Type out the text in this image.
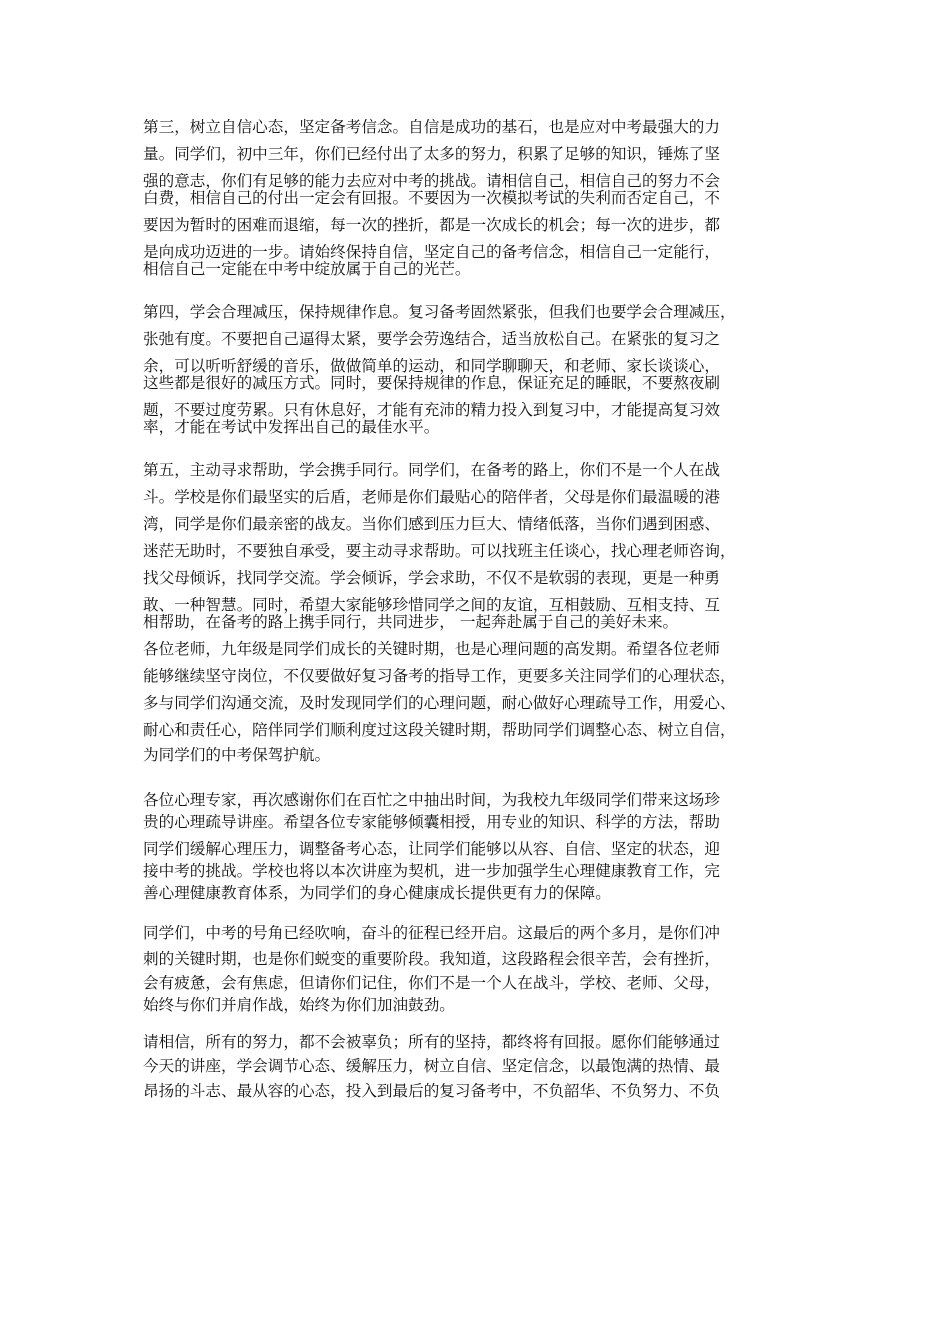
第三，树立自信心态，坚定备考信念。自信是成功的基石，也是应对中考最强大的力
量。同学们，初中三年，你们已经付出了太多的努力，积累了足够的知识，锤炼了坚
强的意志，你们有足够的能力去应对中考的挑战。请相信自己，相信自己的努力不会
白费，相信自己的付出一定会有回报。不要因为一次模拟考试的失利而否定自己，不
要因为暂时的困难而退缩，每一次的挫折，都是一次成长的机会；每一次的进步，都
是向成功迈进的一步。请始终保持自信，坚定自己的备考信念，相信自己一定能行，
相信自己一定能在中考中绽放属于自己的光芒。
第四，学会合理减压，保持规律作息。复习备考固然紧张，但我们也要学会合理减压，
张弛有度。不要把自己逼得太紧，要学会劳逸结合，适当放松自己。在紧张的复习之
余，可以听听舒缓的音乐，做做简单的运动，和同学聊聊天，和老师、家长谈谈心，
这些都是很好的减压方式。同时，要保持规律的作息，保证充足的睡眠，不要熬夜刷
题，不要过度劳累。只有休息好，才能有充沛的精力投入到复习中，才能提高复习效
率，才能在考试中发挥出自己的最佳水平。
第五，主动寻求帮助，学会携手同行。同学们，在备考的路上，你们不是一个人在战
斗。学校是你们最坚实的后盾，老师是你们最贴心的陪伴者，父母是你们最温暖的港
湾，同学是你们最亲密的战友。当你们感到压力巨大、情绪低落，当你们遇到困惑、
迷茫无助时，不要独自承受，要主动寻求帮助。可以找班主任谈心，找心理老师咨询，
找父母倾诉，找同学交流。学会倾诉，学会求助，不仅不是软弱的表现，更是一种勇
敢、一种智慧。同时，希望大家能够珍惜同学之间的友谊，互相鼓励、互相支持、互
相帮助，在备考的路上携手同行，共同进步， 一起奔赴属于自己的美好未来。
各位老师，九年级是同学们成长的关键时期，也是心理问题的高发期。希望各位老师
能够继续坚守岗位，不仅要做好复习备考的指导工作，更要多关注同学们的心理状态，
多与同学们沟通交流，及时发现同学们的心理问题，耐心做好心理疏导工作，用爱心、
耐心和责任心，陪伴同学们顺利度过这段关键时期，帮助同学们调整心态、树立自信，
为同学们的中考保驾护航。
各位心理专家，再次感谢你们在百忙之中抽出时间，为我校九年级同学们带来这场珍
贵的心理疏导讲座。希望各位专家能够倾囊相授，用专业的知识、科学的方法，帮助
同学们缓解心理压力，调整备考心态，让同学们能够以从容、自信、坚定的状态，迎
接中考的挑战。学校也将以本次讲座为契机，进一步加强学生心理健康教育工作，完
善心理健康教育体系，为同学们的身心健康成长提供更有力的保障。
同学们，中考的号角已经吹响，奋斗的征程已经开启。这最后的两个多月，是你们冲
刺的关键时期，也是你们蜕变的重要阶段。我知道，这段路程会很辛苦，会有挫折，
会有疲惫，会有焦虑，但请你们记住，你们不是一个人在战斗，学校、老师、父母，
始终与你们并肩作战，始终为你们加油鼓劲。
请相信，所有的努力，都不会被辜负；所有的坚持，都终将有回报。愿你们能够通过
今天的讲座，学会调节心态、缓解压力，树立自信、坚定信念，以最饱满的热情、最
昂扬的斗志、最从容的心态，投入到最后的复习备考中，不负韶华、不负努力、不负
